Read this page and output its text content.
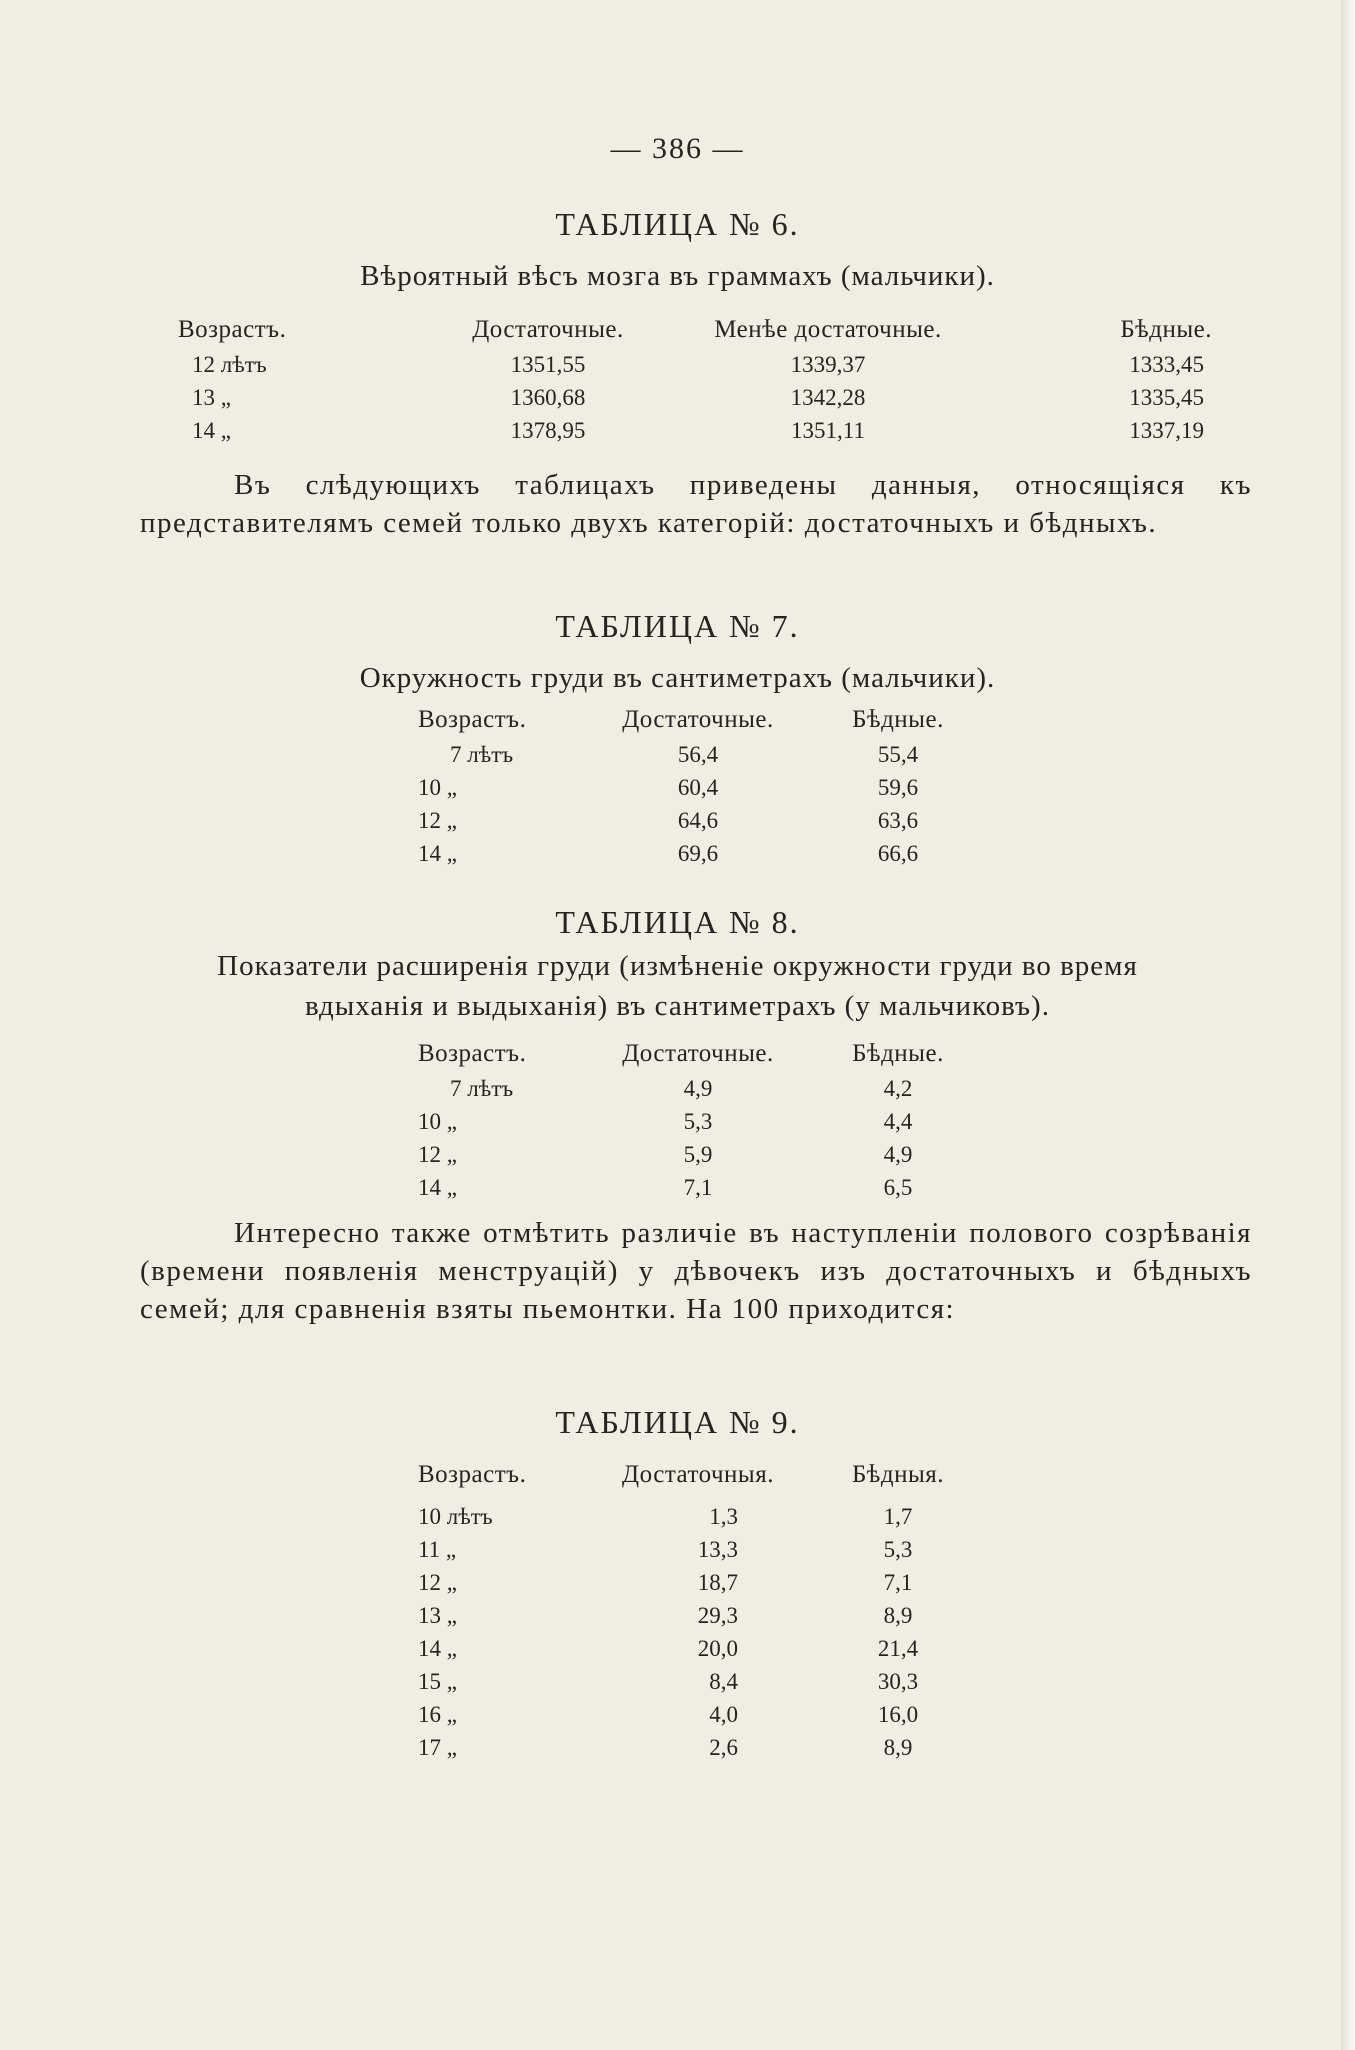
— 386 —
ТАБЛИЦА № 6.
Вѣроятный вѣсъ мозга въ граммахъ (мальчики).
Возрастъ.	Достаточные.	Менѣе достаточные.	Бѣдные.
12 лѣтъ	1351,55	1339,37	1333,45
13 „	1360,68	1342,28	1335,45
14 „	1378,95	1351,11	1337,19

Въ слѣдующихъ таблицахъ приведены данныя, относящіяся къ представителямъ семей только двухъ категорій: достаточныхъ и бѣдныхъ.

ТАБЛИЦА № 7.
Окружность груди въ сантиметрахъ (мальчики).
Возрастъ.	Достаточные.	Бѣдные.
7 лѣтъ	56,4	55,4
10 „	60,4	59,6
12 „	64,6	63,6
14 „	69,6	66,6
ТАБЛИЦА № 8.
Показатели расширенія груди (измѣненіе окружности груди во время
вдыханія и выдыханія) въ сантиметрахъ (у мальчиковъ).
Возрастъ.	Достаточные.	Бѣдные.
7 лѣтъ	4,9	4,2
10 „	5,3	4,4
12 „	5,9	4,9
14 „	7,1	6,5

Интересно также отмѣтить различіе въ наступленіи полового созрѣванія (времени появленія менструацій) у дѣвочекъ изъ достаточныхъ и бѣдныхъ семей; для сравненія взяты пьемонтки. На 100 приходится:

ТАБЛИЦА № 9.
Возрастъ.	Достаточныя.	Бѣдныя.
10 лѣтъ	1,3	1,7
11 „	13,3	5,3
12 „	18,7	7,1
13 „	29,3	8,9
14 „	20,0	21,4
15 „	8,4	30,3
16 „	4,0	16,0
17 „	2,6	8,9
